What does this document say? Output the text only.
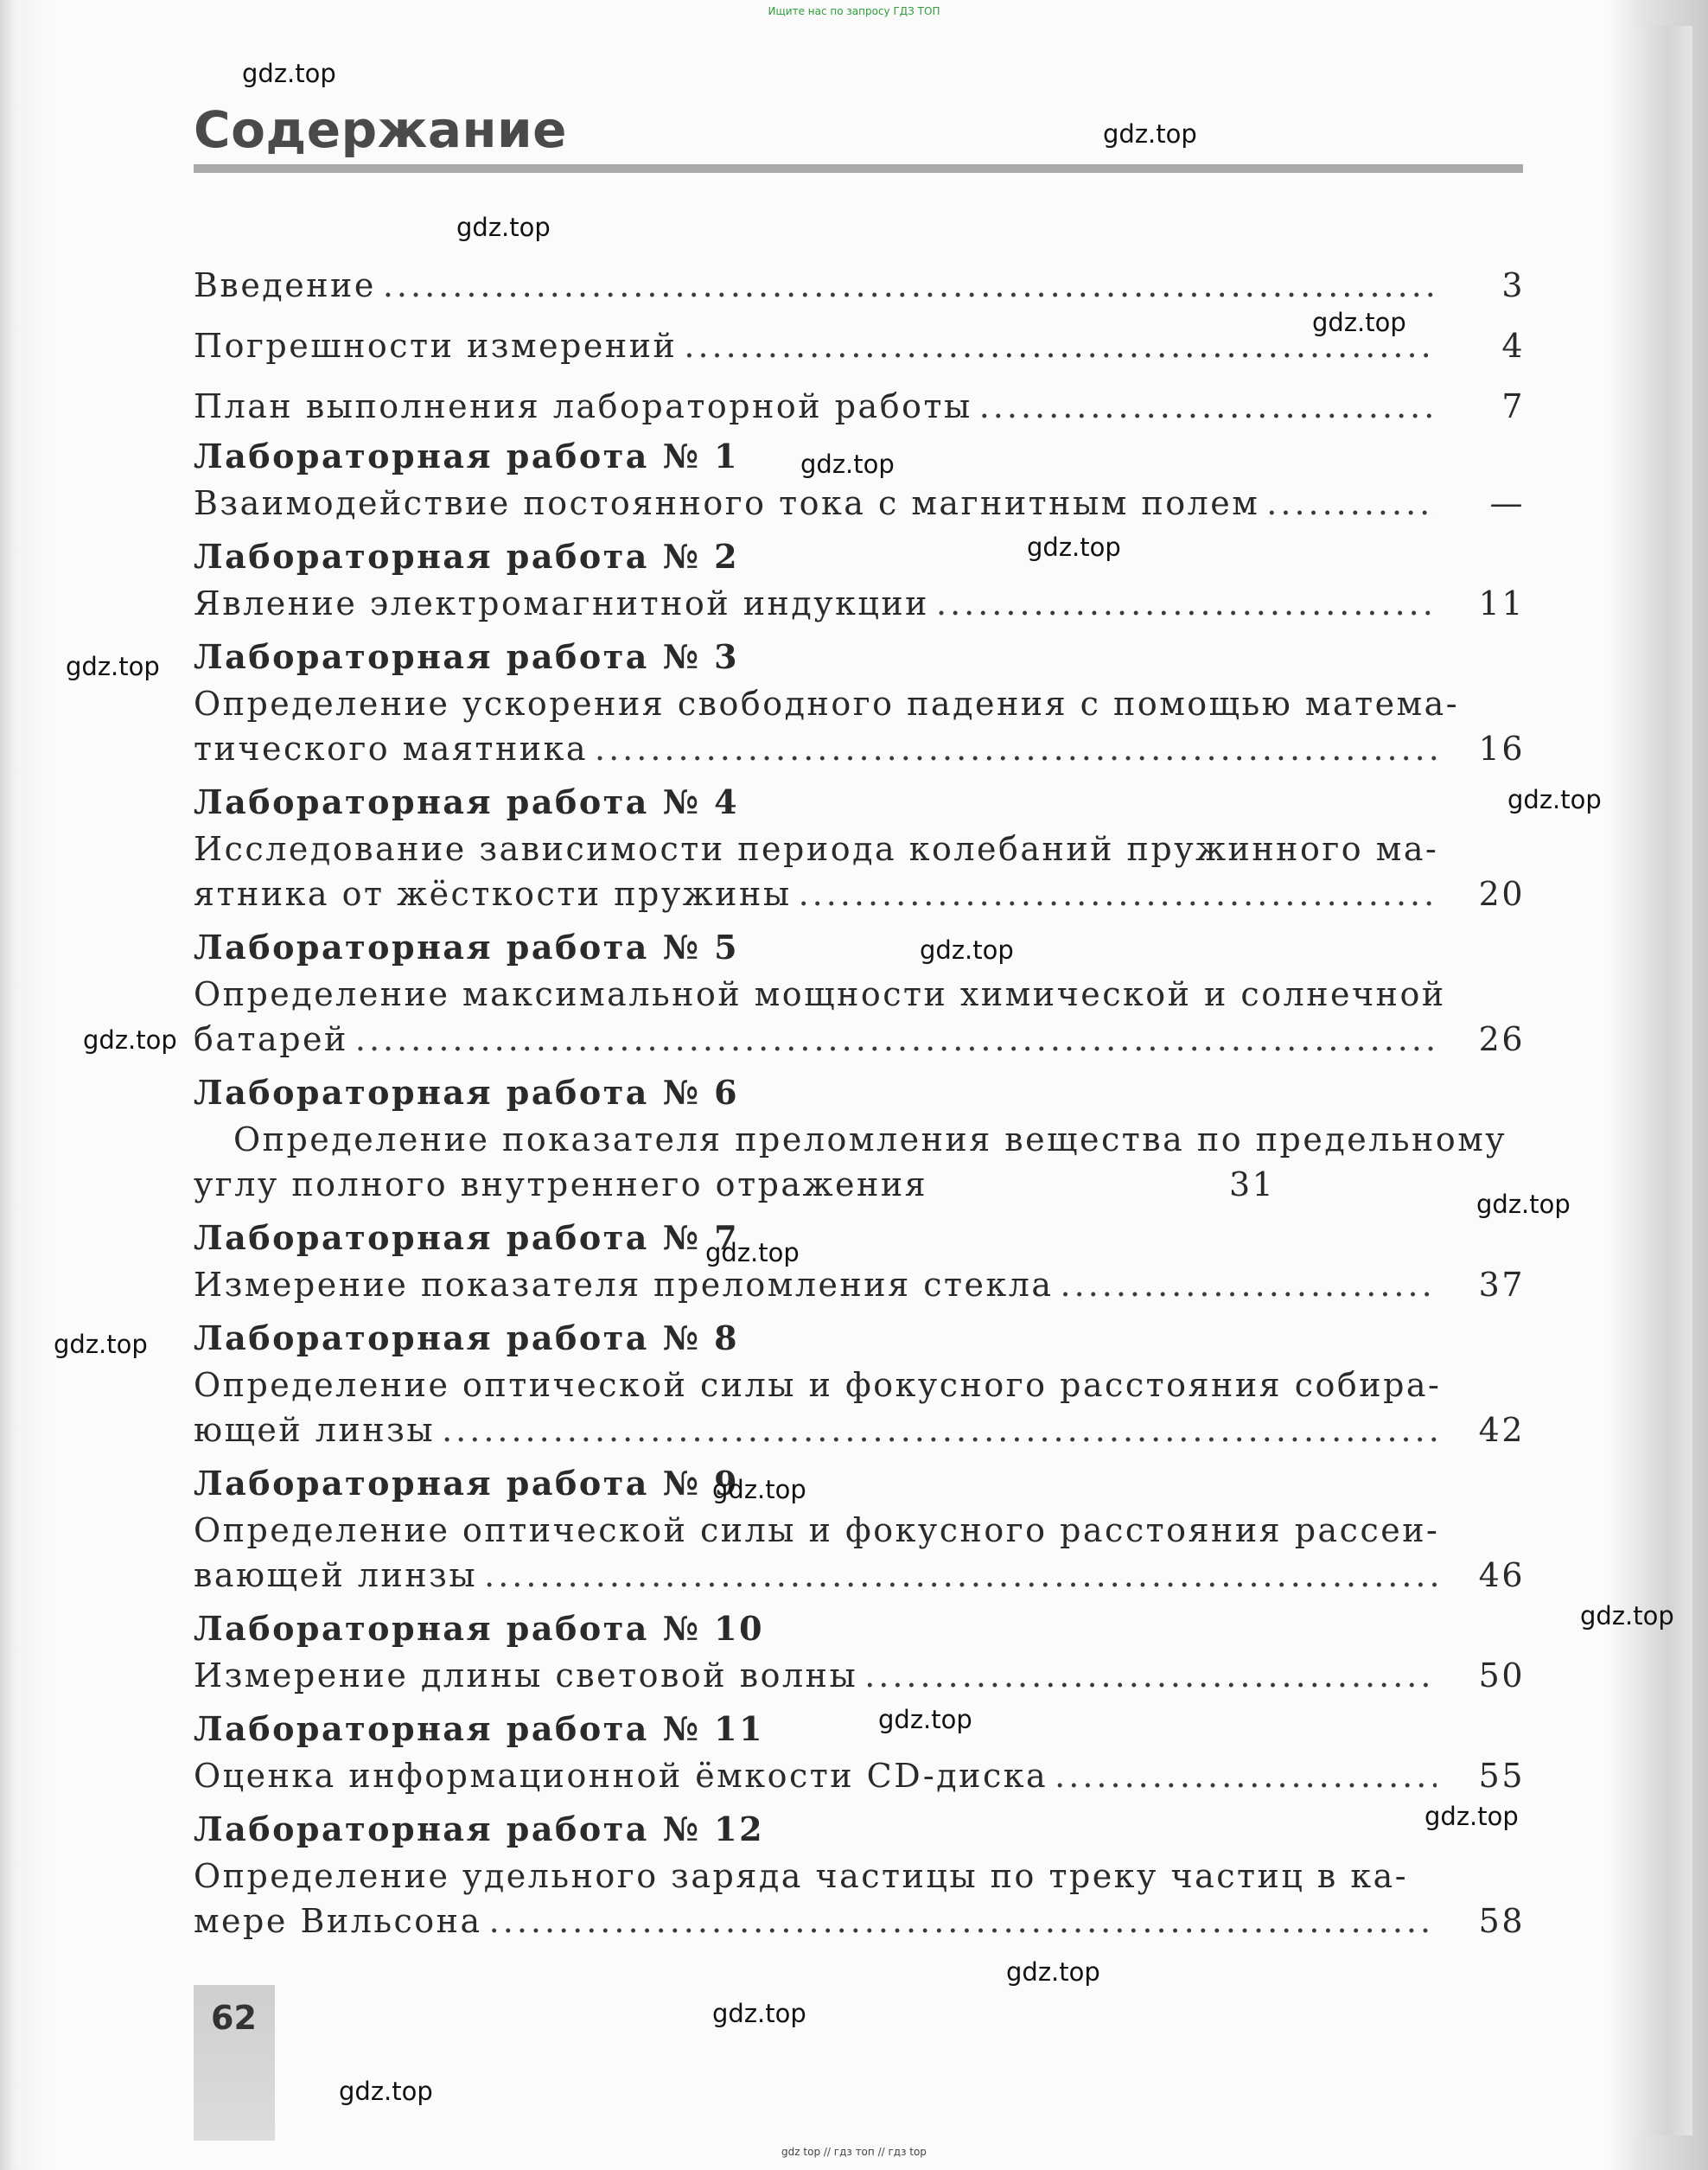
Ищите нас по запросу ГДЗ ТОП
Содержание
Введение .....	3
Погрешности измерений .....	4
План выполнения лабораторной работы .....	7
Лабораторная работа № 1
Взаимодействие постоянного тока с магнитным полем .....	—
Лабораторная работа № 2
Явление электромагнитной индукции .....	11
Лабораторная работа № 3
Определение ускорения свободного падения с помощью матема-
тического маятника .....	16
Лабораторная работа № 4
Исследование зависимости периода колебаний пружинного ма-
ятника от жёсткости пружины .....	20
Лабораторная работа № 5
Определение максимальной мощности химической и солнечной
батарей .....	26
Лабораторная работа № 6
Определение показателя преломления вещества по предельному
углу полного внутреннего отражения	31
Лабораторная работа № 7
Измерение показателя преломления стекла .....	37
Лабораторная работа № 8
Определение оптической силы и фокусного расстояния собира-
ющей линзы .....	42
Лабораторная работа № 9
Определение оптической силы и фокусного расстояния рассеи-
вающей линзы .....	46
Лабораторная работа № 10
Измерение длины световой волны .....	50
Лабораторная работа № 11
Оценка информационной ёмкости CD-диска .....	55
Лабораторная работа № 12
Определение удельного заряда частицы по треку частиц в ка-
мере Вильсона .....	58
62
gdz.top
gdz.top
gdz.top
gdz.top
gdz.top
gdz.top
gdz.top
gdz.top
gdz.top
gdz.top
gdz.top
gdz.top
gdz.top
gdz.top
gdz.top
gdz.top
gdz.top
gdz.top
gdz.top
gdz.top
gdz top // гдз топ // гдз top
